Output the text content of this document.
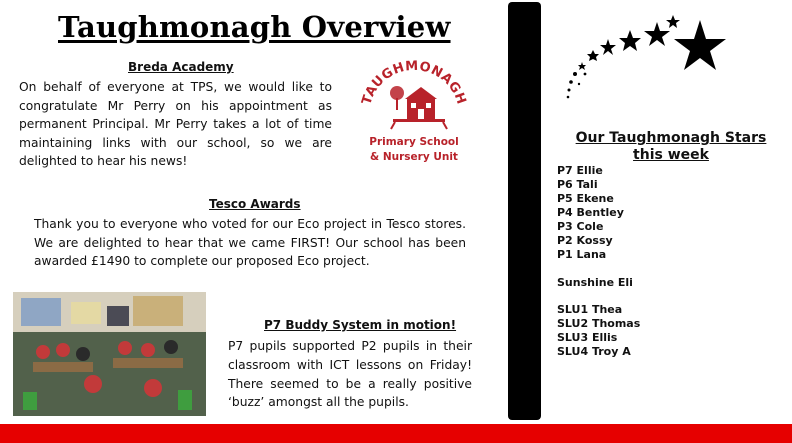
Taughmonagh Overview
Breda Academy
On behalf of everyone at TPS, we would like to congratulate Mr Perry on his appointment as permanent Principal. Mr Perry takes a lot of time maintaining links with our school, so we are delighted to hear his news!
TAUGHMONAGH
Primary School
& Nursery Unit
Tesco Awards
Thank you to everyone who voted for our Eco project in Tesco stores. We are delighted to hear that we came FIRST! Our school has been awarded £1490 to complete our proposed Eco project.
P7 Buddy System in motion!
P7 pupils supported P2 pupils in their classroom with ICT lessons on Friday! There seemed to be a really positive ‘buzz’ amongst all the pupils.
Our Taughmonagh Stars this week
P7 Ellie
P6 Tali
P5 Ekene
P4 Bentley
P3 Cole
P2 Kossy
P1 Lana
Sunshine Eli
SLU1 Thea
SLU2 Thomas
SLU3 Ellis
SLU4 Troy A
